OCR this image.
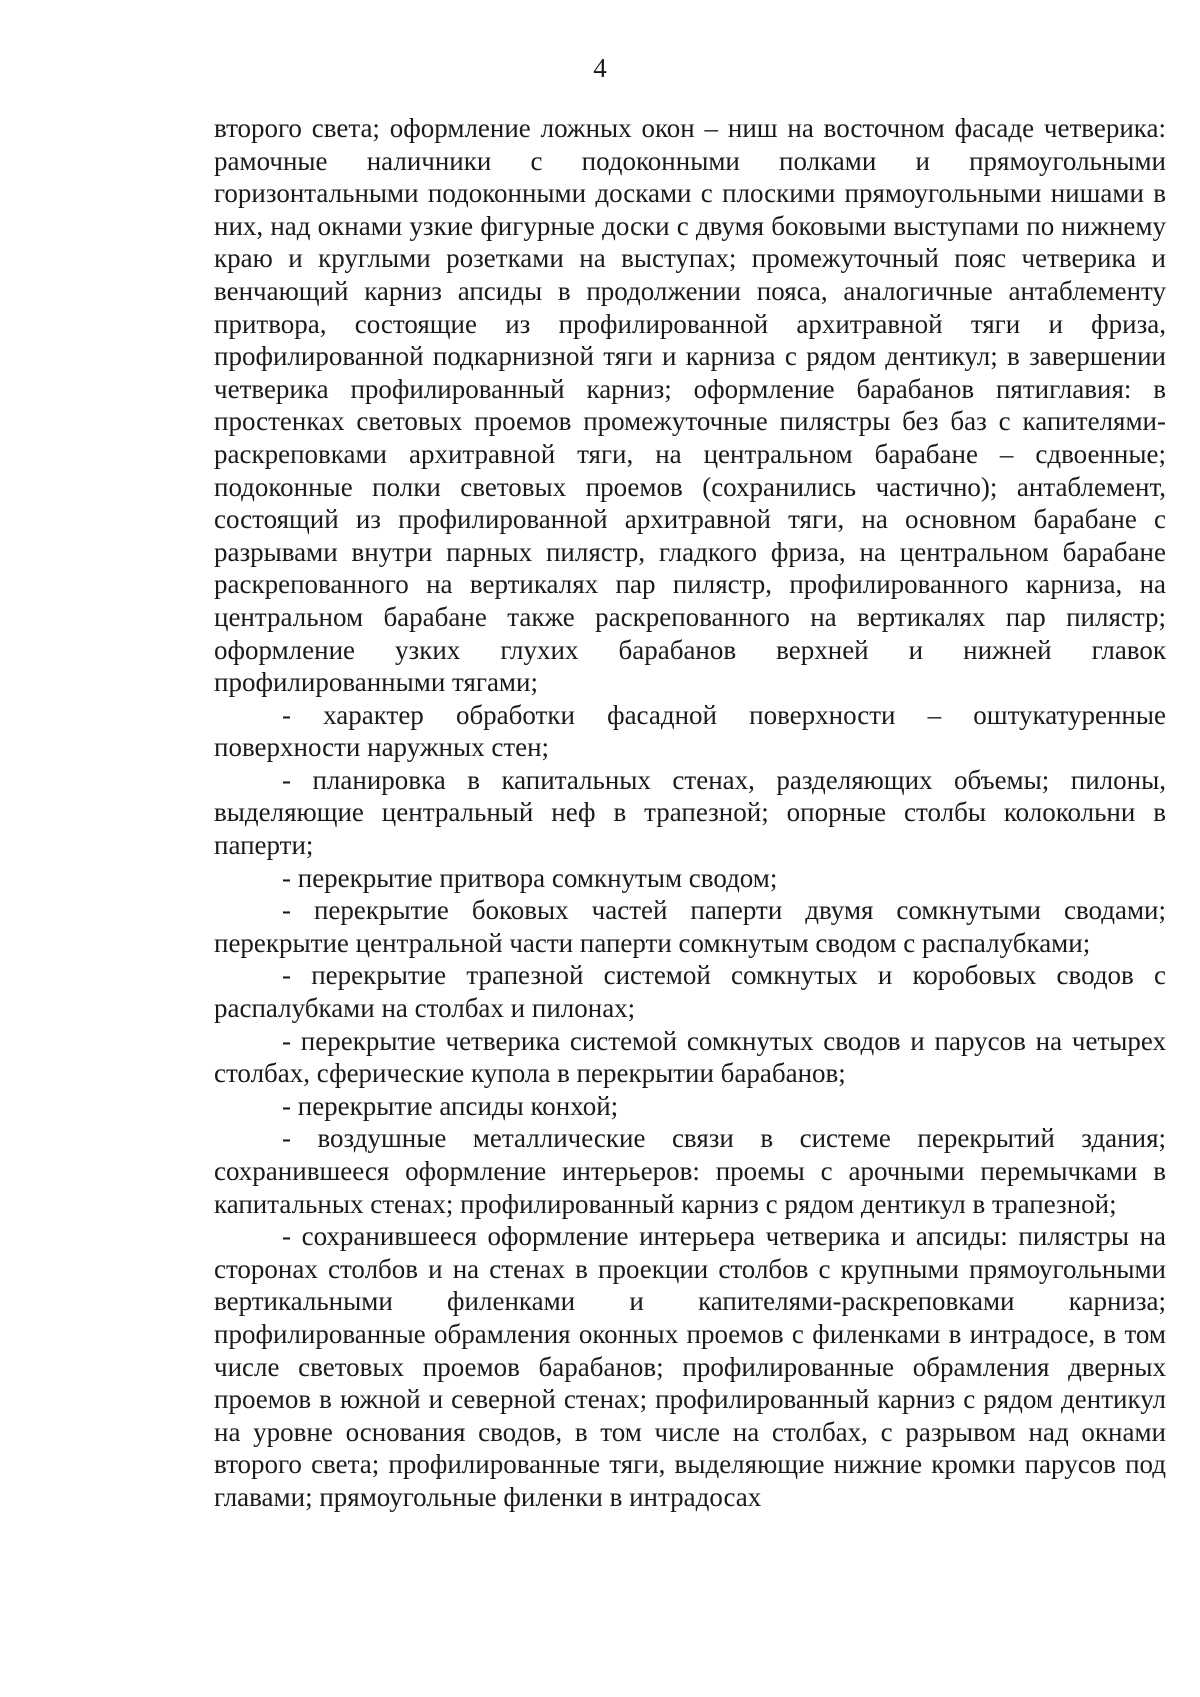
4

второго света; оформление ложных окон – ниш на восточном фасаде четверика: рамочные наличники с подоконными полками и прямоугольными горизонтальными подоконными досками с плоскими прямоугольными нишами в них, над окнами узкие фигурные доски с двумя боковыми выступами по нижнему краю и круглыми розетками на выступах; промежуточный пояс четверика и венчающий карниз апсиды в продолжении пояса, аналогичные антаблементу притвора, состоящие из профилированной архитравной тяги и фриза, профилированной подкарнизной тяги и карниза с рядом дентикул; в завершении четверика профилированный карниз; оформление барабанов пятиглавия: в простенках световых проемов промежуточные пилястры без баз с капителями-раскреповками архитравной тяги, на центральном барабане – сдвоенные; подоконные полки световых проемов (сохранились частично); антаблемент, состоящий из профилированной архитравной тяги, на основном барабане с разрывами внутри парных пилястр, гладкого фриза, на центральном барабане раскрепованного на вертикалях пар пилястр, профилированного карниза, на центральном барабане также раскрепованного на вертикалях пар пилястр; оформление узких глухих барабанов верхней и нижней главок профилированными тягами;

- характер обработки фасадной поверхности – оштукатуренные поверхности наружных стен;

- планировка в капитальных стенах, разделяющих объемы; пилоны, выделяющие центральный неф в трапезной; опорные столбы колокольни в паперти;

- перекрытие притвора сомкнутым сводом;

- перекрытие боковых частей паперти двумя сомкнутыми сводами; перекрытие центральной части паперти сомкнутым сводом с распалубками;

- перекрытие трапезной системой сомкнутых и коробовых сводов с распалубками на столбах и пилонах;

- перекрытие четверика системой сомкнутых сводов и парусов на четырех столбах, сферические купола в перекрытии барабанов;

- перекрытие апсиды конхой;

- воздушные металлические связи в системе перекрытий здания; сохранившееся оформление интерьеров: проемы с арочными перемычками в капитальных стенах; профилированный карниз с рядом дентикул в трапезной;

- сохранившееся оформление интерьера четверика и апсиды: пилястры на сторонах столбов и на стенах в проекции столбов с крупными прямоугольными вертикальными филенками и капителями-раскреповками карниза; профилированные обрамления оконных проемов с филенками в интрадосе, в том числе световых проемов барабанов; профилированные обрамления дверных проемов в южной и северной стенах; профилированный карниз с рядом дентикул на уровне основания сводов, в том числе на столбах, с разрывом над окнами второго света; профилированные тяги, выделяющие нижние кромки парусов под главами; прямоугольные филенки в интрадосах
